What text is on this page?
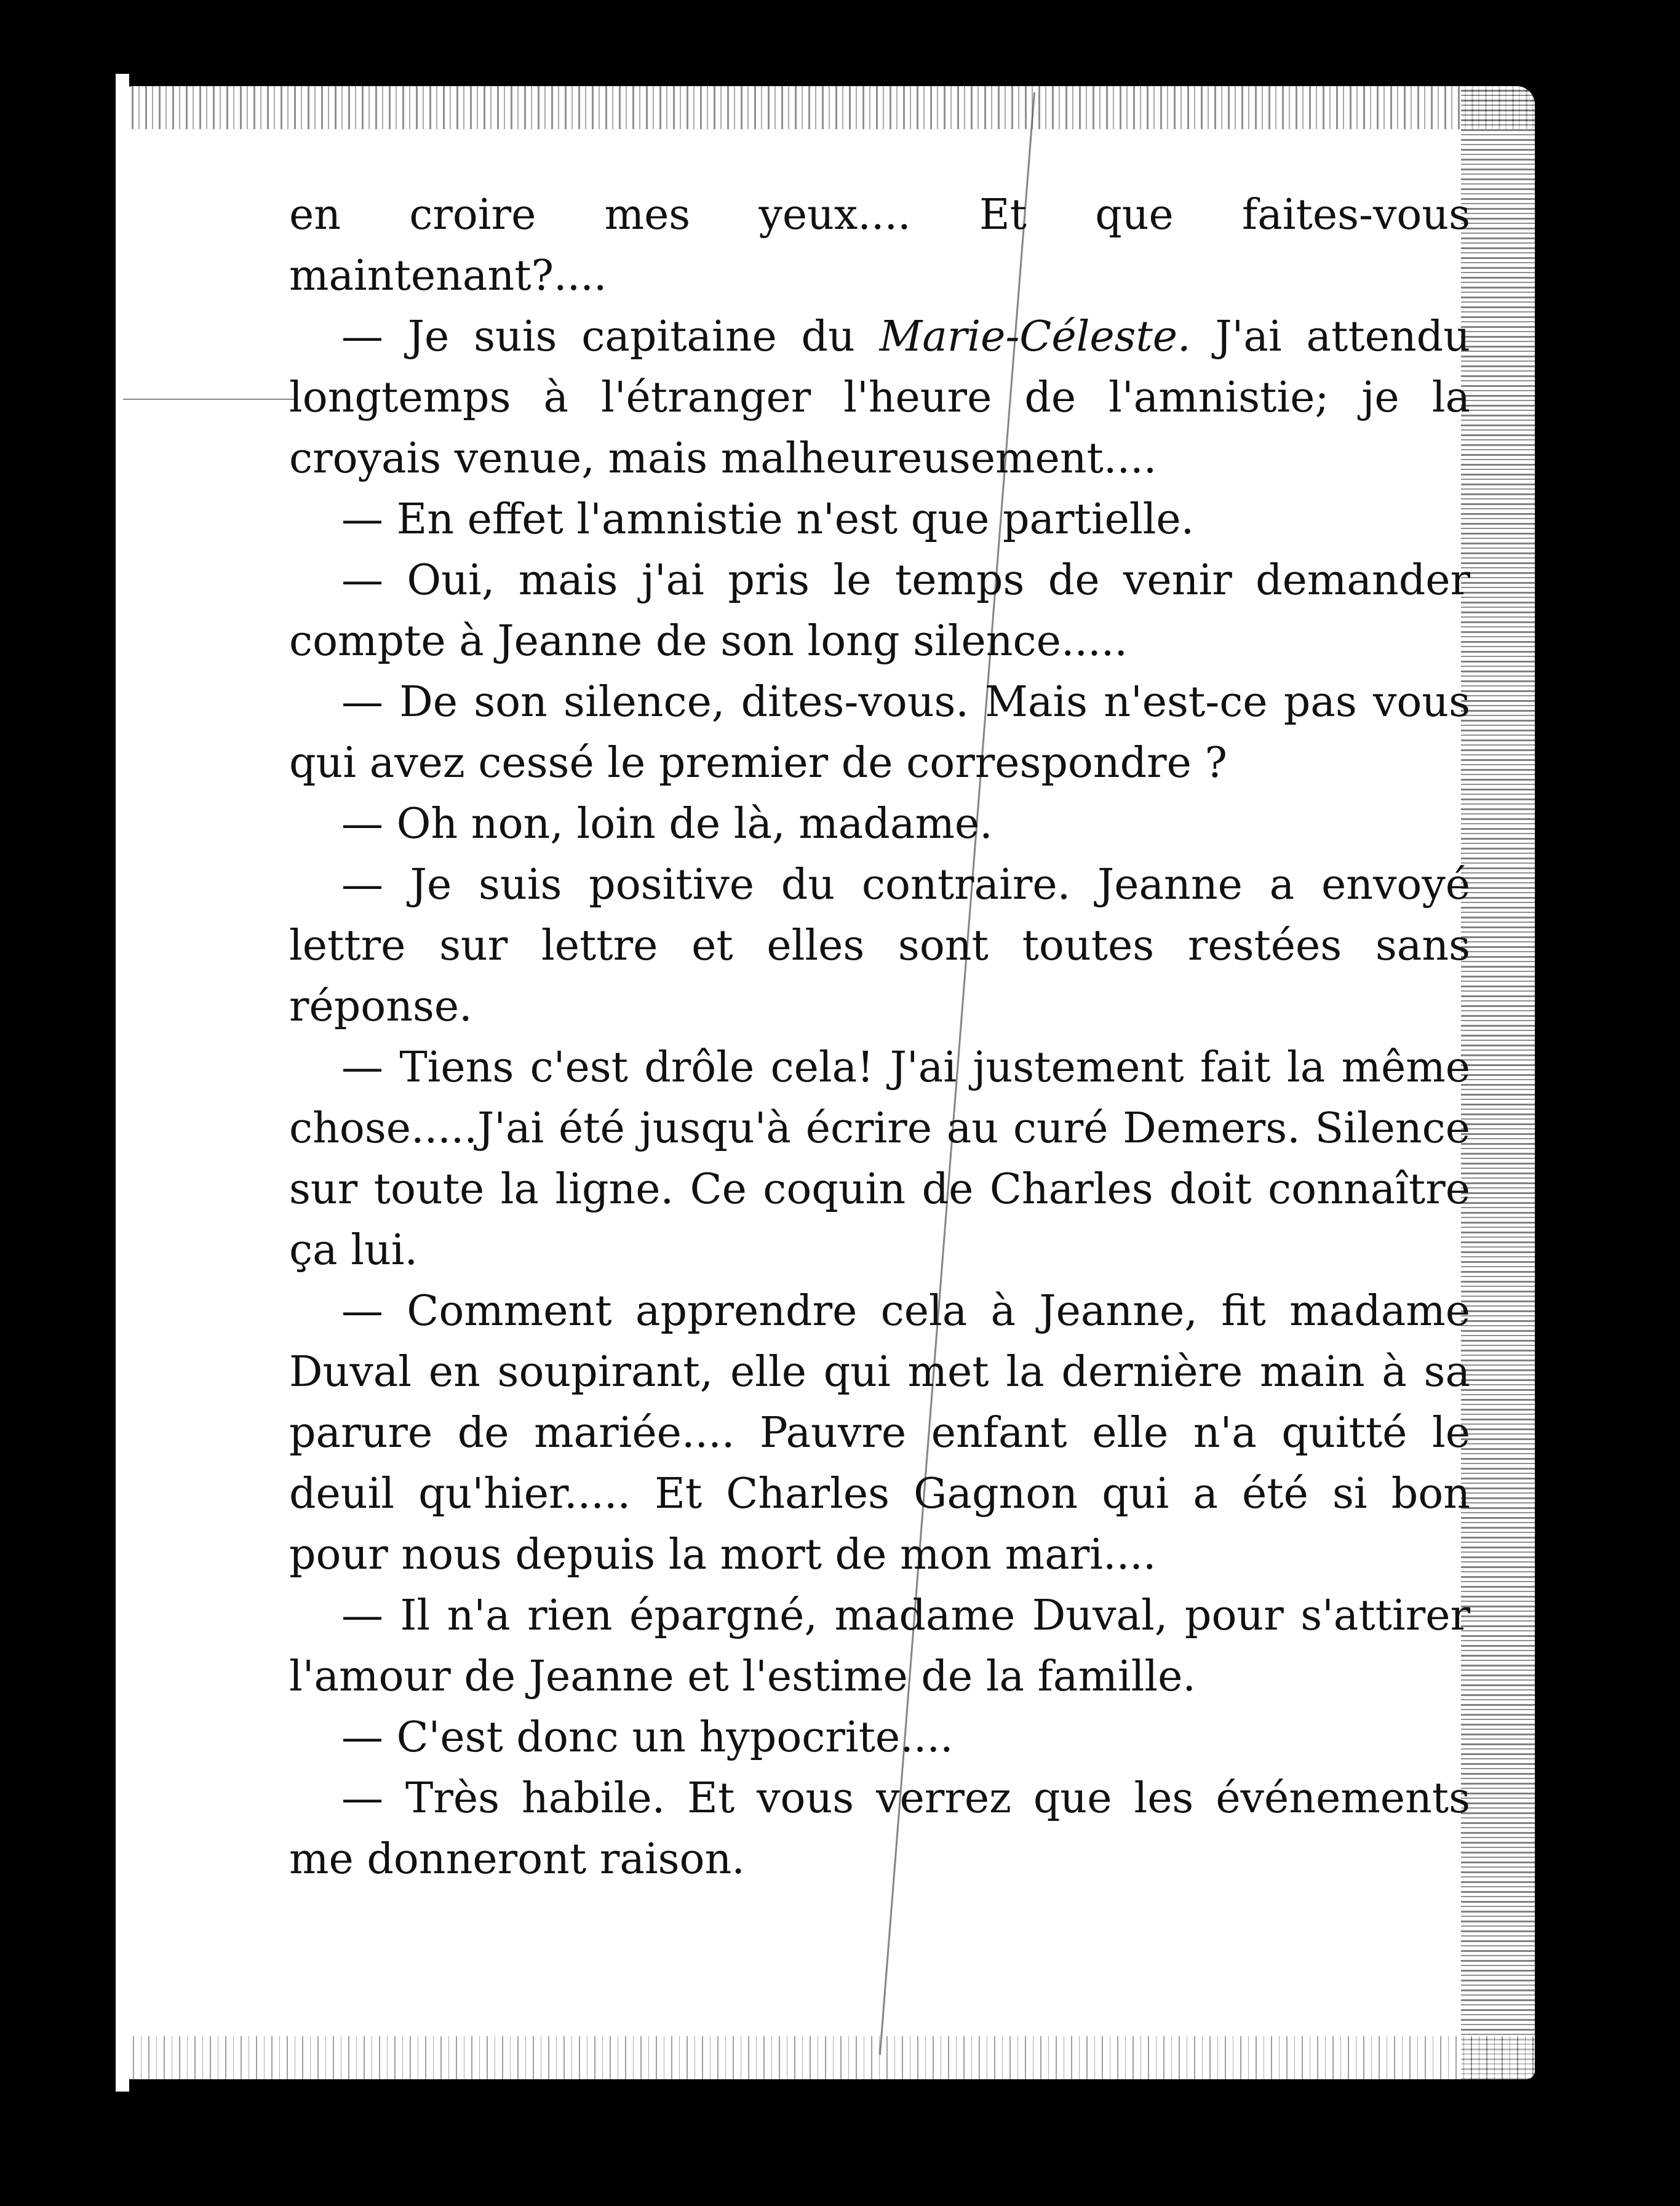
en croire mes yeux.... Et que faites-vous maintenant?....

— Je suis capitaine du Marie-Céleste. J'ai attendu longtemps à l'étranger l'heure de l'amnistie; je la croyais venue, mais malheureusement....

— En effet l'amnistie n'est que partielle.

— Oui, mais j'ai pris le temps de venir demander compte à Jeanne de son long silence.....

— De son silence, dites-vous. Mais n'est-ce pas vous qui avez cessé le premier de correspondre ?

— Oh non, loin de là, madame.

— Je suis positive du contraire. Jeanne a envoyé lettre sur lettre et elles sont toutes restées sans réponse.

— Tiens c'est drôle cela! J'ai justement fait la même chose.....J'ai été jusqu'à écrire au curé Demers. Silence sur toute la ligne. Ce coquin de Charles doit connaître ça lui.

— Comment apprendre cela à Jeanne, fit madame Duval en soupirant, elle qui met la dernière main à sa parure de mariée.... Pauvre enfant elle n'a quitté le deuil qu'hier..... Et Charles Gagnon qui a été si bon pour nous depuis la mort de mon mari....

— Il n'a rien épargné, madame Duval, pour s'attirer l'amour de Jeanne et l'estime de la famille.

— C'est donc un hypocrite....

— Très habile. Et vous verrez que les événements me donneront raison.
